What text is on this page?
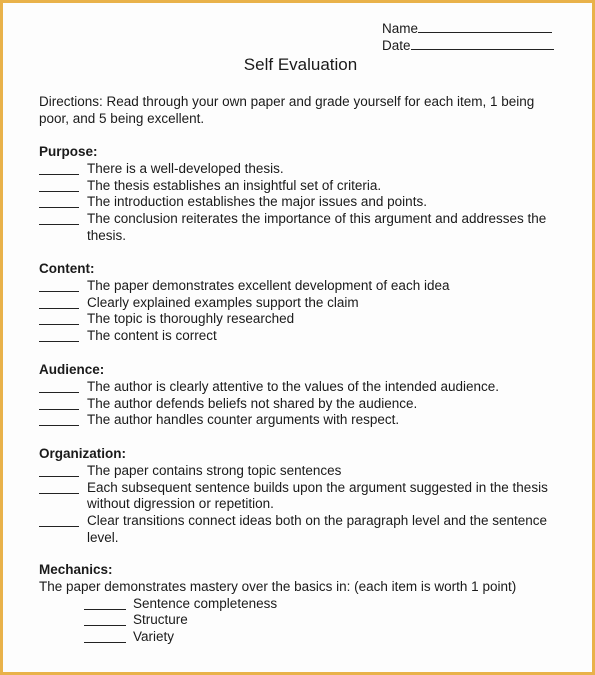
Name
Date
Self Evaluation
Directions: Read through your own paper and grade yourself for each item, 1 being poor, and 5 being excellent.
Purpose:
There is a well-developed thesis.
The thesis establishes an insightful set of criteria.
The introduction establishes the major issues and points.
The conclusion reiterates the importance of this argument and addresses the thesis.
Content:
The paper demonstrates excellent development of each idea
Clearly explained examples support the claim
The topic is thoroughly researched
The content is correct
Audience:
The author is clearly attentive to the values of the intended audience.
The author defends beliefs not shared by the audience.
The author handles counter arguments with respect.
Organization:
The paper contains strong topic sentences
Each subsequent sentence builds upon the argument suggested in the thesis without digression or repetition.
Clear transitions connect ideas both on the paragraph level and the sentence level.
Mechanics:
The paper demonstrates mastery over the basics in: (each item is worth 1 point)
Sentence completeness
Structure
Variety
